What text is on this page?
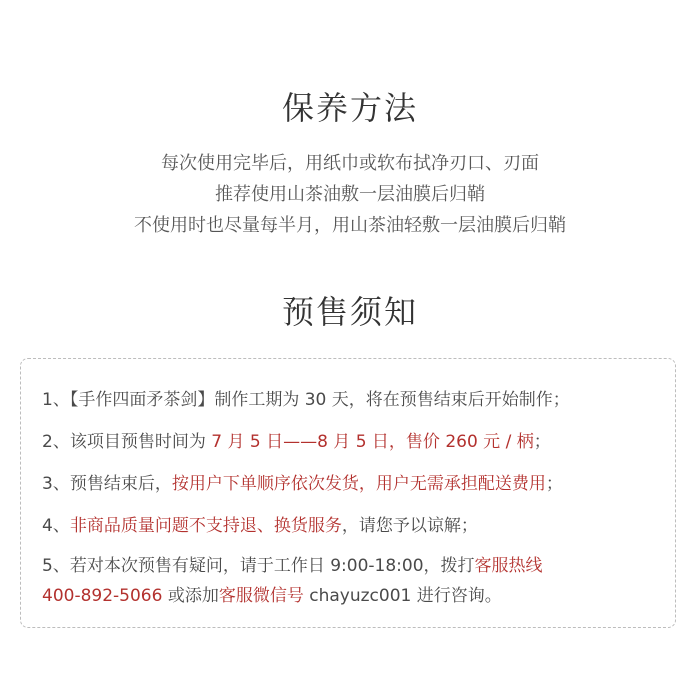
保养方法
每次使用完毕后，用纸巾或软布拭净刃口、刃面
推荐使用山茶油敷一层油膜后归鞘
不使用时也尽量每半月，用山茶油轻敷一层油膜后归鞘
预售须知
1、【手作四面矛茶剑】制作工期为 30 天，将在预售结束后开始制作；
2、该项目预售时间为 7 月 5 日——8 月 5 日，售价 260 元 / 柄；
3、预售结束后，按用户下单顺序依次发货，用户无需承担配送费用；
4、非商品质量问题不支持退、换货服务，请您予以谅解；
5、若对本次预售有疑问，请于工作日 9:00-18:00，拨打客服热线
400-892-5066 或添加客服微信号 chayuzc001 进行咨询。
